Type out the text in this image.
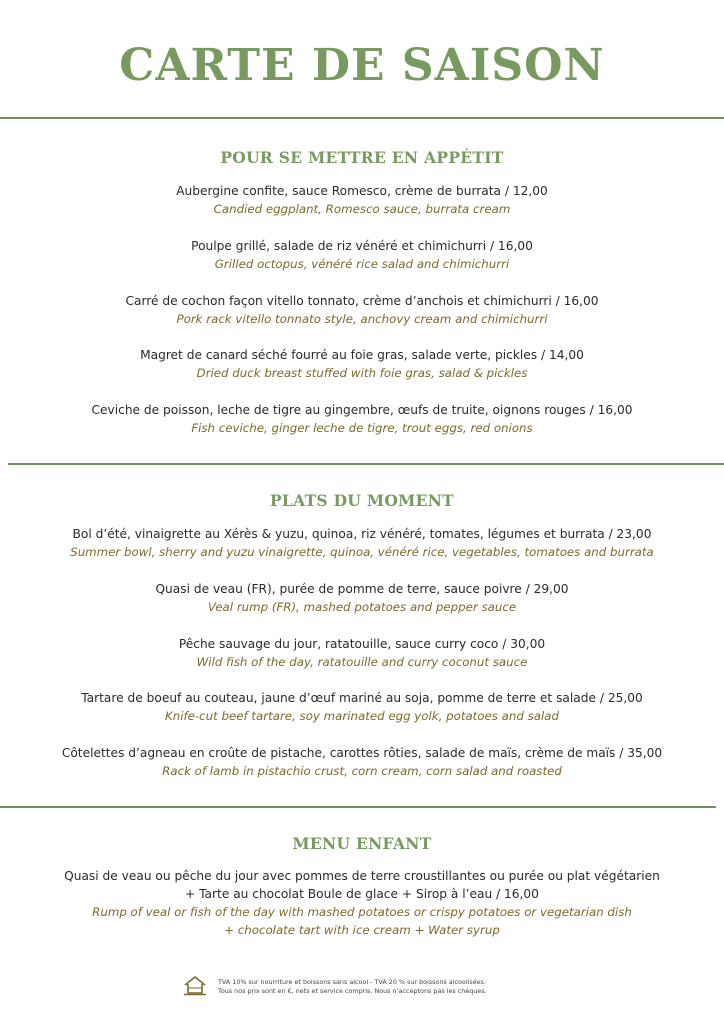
CARTE DE SAISON
POUR SE METTRE EN APPÉTIT
Aubergine confite, sauce Romesco, crème de burrata / 12,00
Candied eggplant, Romesco sauce, burrata cream
Poulpe grillé, salade de riz vénéré et chimichurri / 16,00
Grilled octopus, vénéré rice salad and chimichurri
Carré de cochon façon vitello tonnato, crème d’anchois et chimichurri / 16,00
Pork rack vitello tonnato style, anchovy cream and chimichurri
Magret de canard séché fourré au foie gras, salade verte, pickles / 14,00
Dried duck breast stuffed with foie gras, salad & pickles
Ceviche de poisson, leche de tigre au gingembre, œufs de truite, oignons rouges / 16,00
Fish ceviche, ginger leche de tigre, trout eggs, red onions
PLATS DU MOMENT
Bol d’été, vinaigrette au Xérès & yuzu, quinoa, riz vénéré, tomates, légumes et burrata / 23,00
Summer bowl, sherry and yuzu vinaigrette, quinoa, vénéré rice, vegetables, tomatoes and burrata
Quasi de veau (FR), purée de pomme de terre, sauce poivre / 29,00
Veal rump (FR), mashed potatoes and pepper sauce
Pêche sauvage du jour, ratatouille, sauce curry coco / 30,00
Wild fish of the day, ratatouille and curry coconut sauce
Tartare de boeuf au couteau, jaune d’œuf mariné au soja, pomme de terre et salade / 25,00
Knife-cut beef tartare, soy marinated egg yolk, potatoes and salad
Côtelettes d’agneau en croûte de pistache, carottes rôties, salade de maïs, crème de maïs / 35,00
Rack of lamb in pistachio crust, corn cream, corn salad and roasted
MENU ENFANT
Quasi de veau ou pêche du jour avec pommes de terre croustillantes ou purée ou plat végétarien
+ Tarte au chocolat Boule de glace + Sirop à l’eau / 16,00
Rump of veal or fish of the day with mashed potatoes or crispy potatoes or vegetarian dish
+ chocolate tart with ice cream + Water syrup
TVA 10% sur nourriture et boissons sans alcool - TVA 20 % sur boissons alcoolisées.
Tous nos prix sont en €, nets et service compris. Nous n’acceptons pas les chèques.
